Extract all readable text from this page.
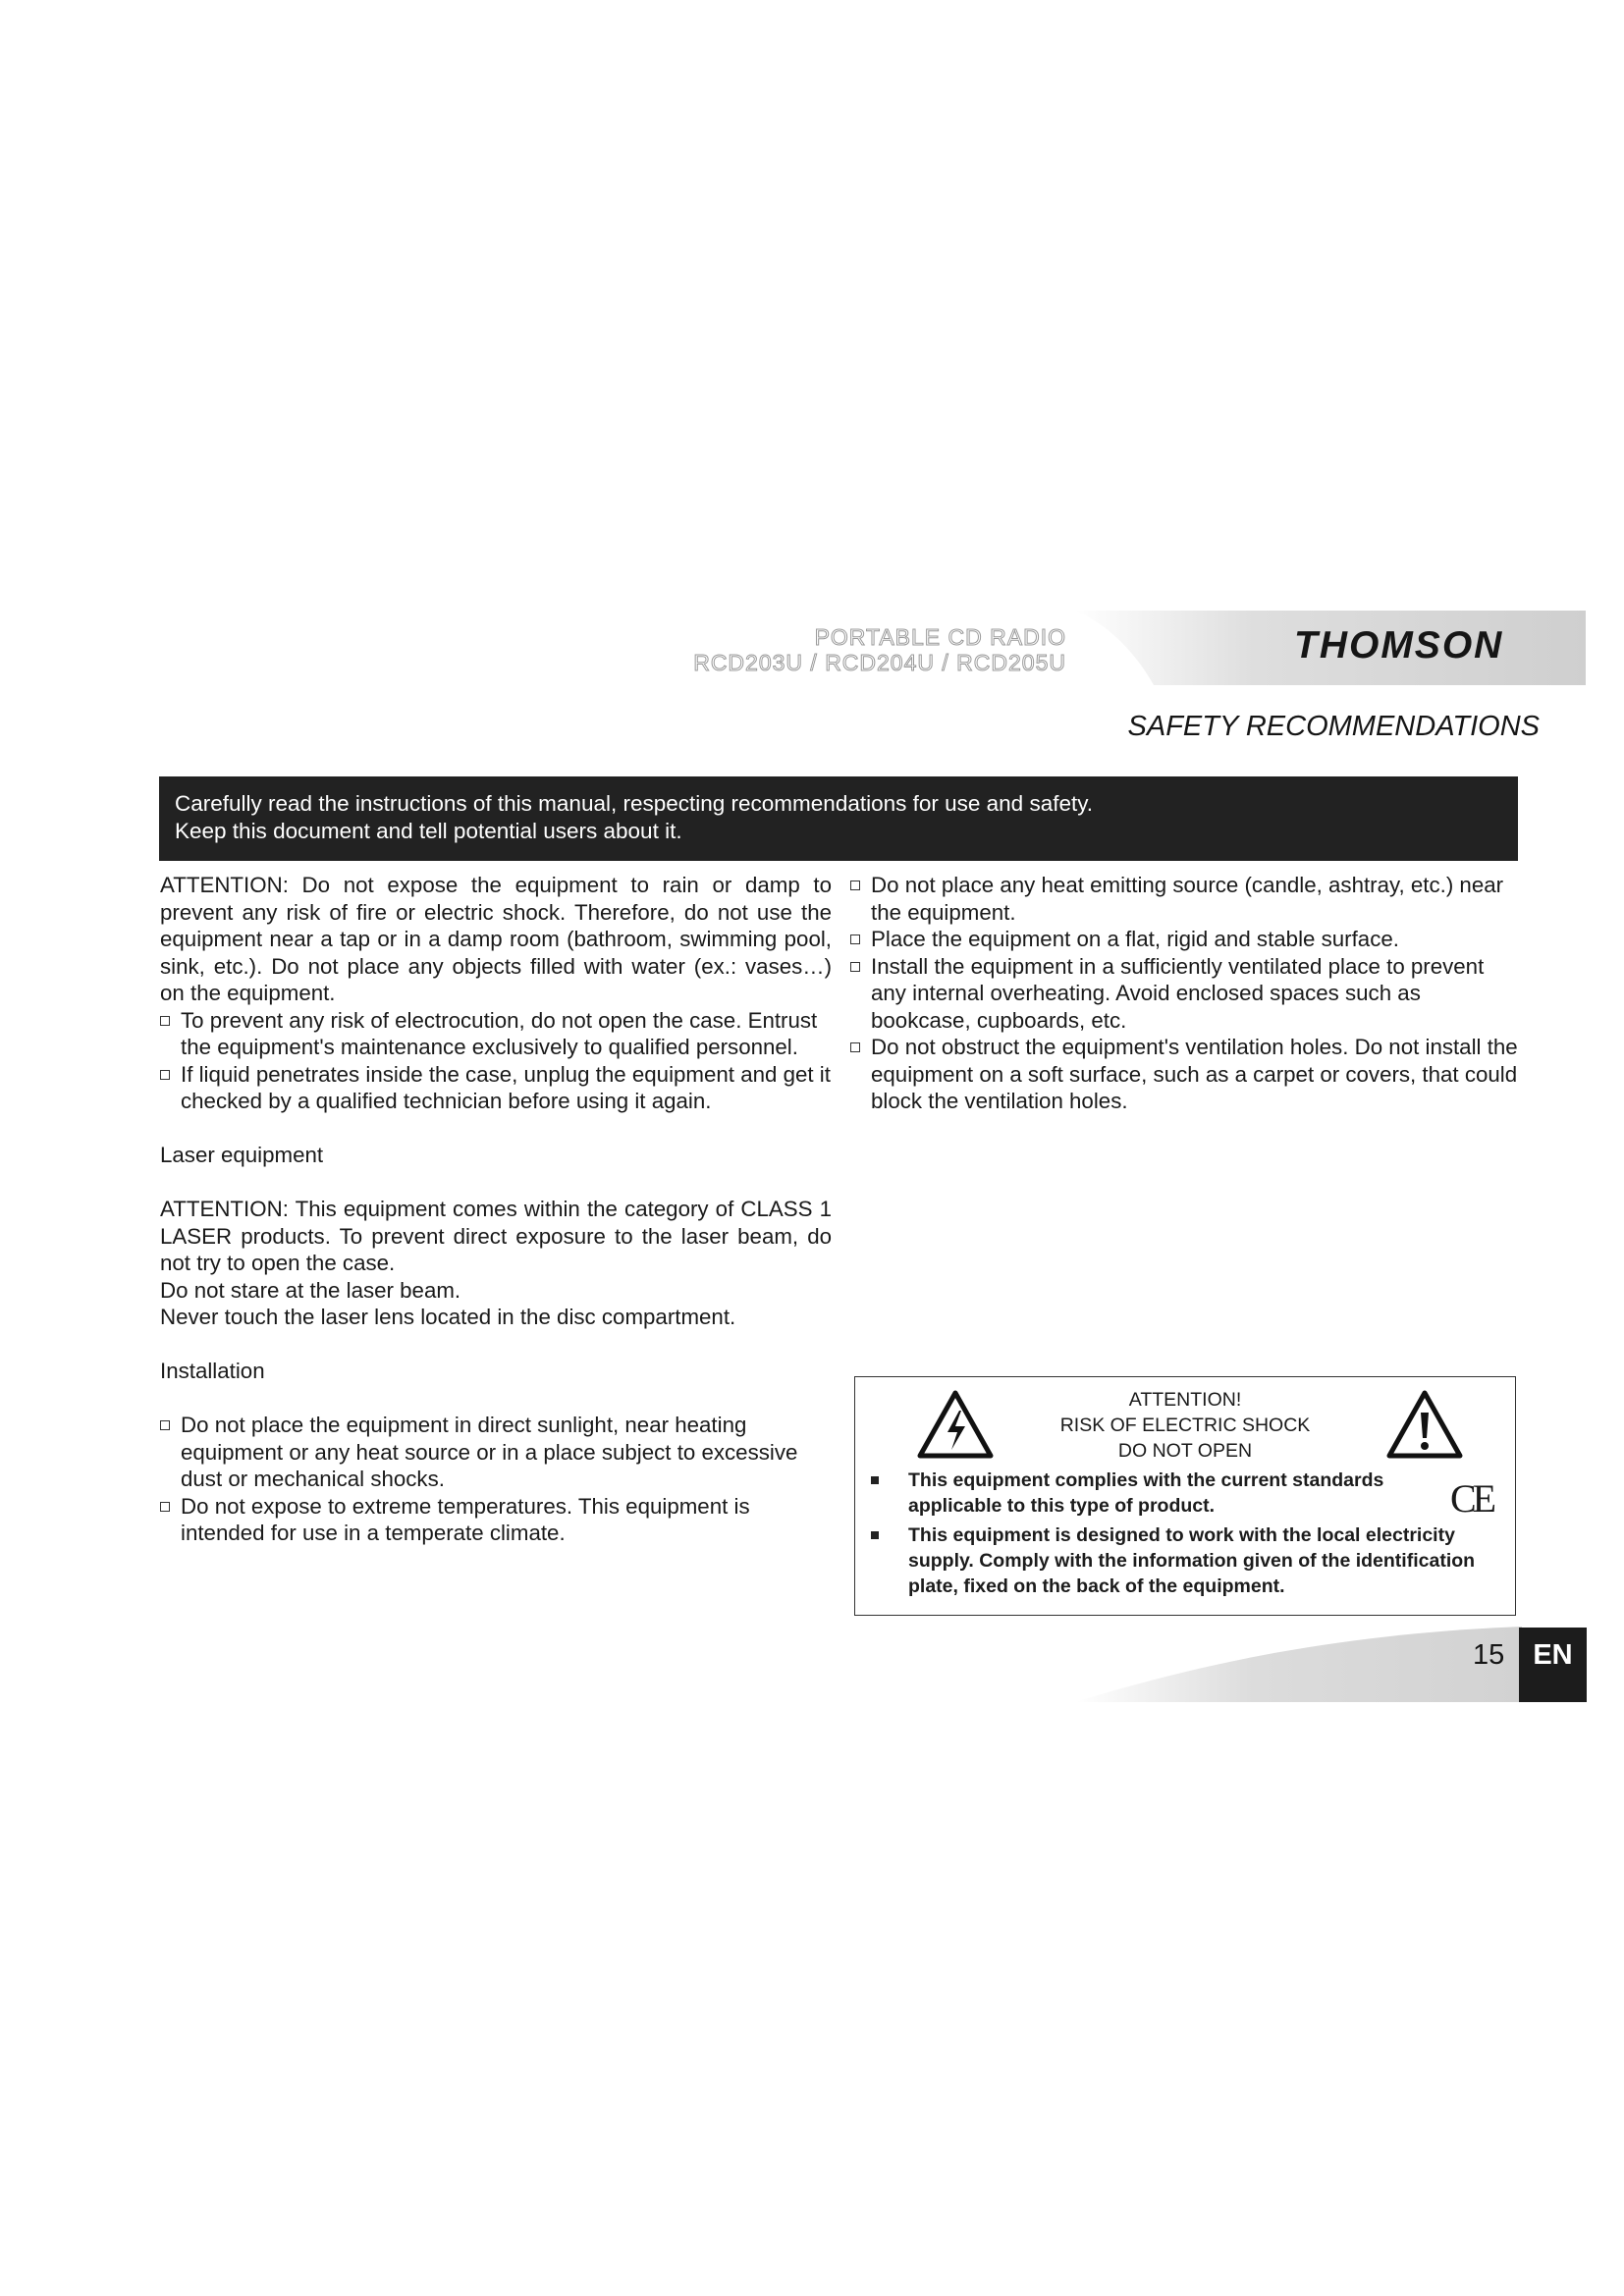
PORTABLE CD RADIO
RCD203U / RCD204U / RCD205U	THOMSON
SAFETY RECOMMENDATIONS

Carefully read the instructions of this manual, respecting recommendations for use and safety.

Keep this document and tell potential users about it.

ATTENTION: Do not expose the equipment to rain or damp to prevent any risk of fire or electric shock. Therefore, do not use the equipment near a tap or in a damp room (bathroom, swimming pool, sink, etc.). Do not place any objects filled with water (ex.: vases…) on the equipment.

To prevent any risk of electrocution, do not open the case. Entrust the equipment's maintenance exclusively to qualified personnel.
If liquid penetrates inside the case, unplug the equipment and get it checked by a qualified technician before using it again.

Laser equipment

ATTENTION: This equipment comes within the category of CLASS 1 LASER products. To prevent direct exposure to the laser beam, do not try to open the case.

Do not stare at the laser beam.

Never touch the laser lens located in the disc compartment.

Installation

Do not place the equipment in direct sunlight, near heating equipment or any heat source or in a place subject to excessive dust or mechanical shocks.
Do not expose to extreme temperatures. This equipment is intended for use in a temperate climate.
Do not place any heat emitting source (candle, ashtray, etc.) near the equipment.
Place the equipment on a flat, rigid and stable surface.
Install the equipment in a sufficiently ventilated place to prevent any internal overheating. Avoid enclosed spaces such as bookcase, cupboards, etc.
Do not obstruct the equipment's ventilation holes. Do not install the equipment on a soft surface, such as a carpet or covers, that could block the ventilation holes.
ATTENTION!
RISK OF ELECTRIC SHOCK
DO NOT OPEN
This equipment complies with the current standards applicable to this type of product.
This equipment is designed to work with the local electricity supply. Comply with the information given of the identification plate, fixed on the back of the equipment.
CE
15	EN
